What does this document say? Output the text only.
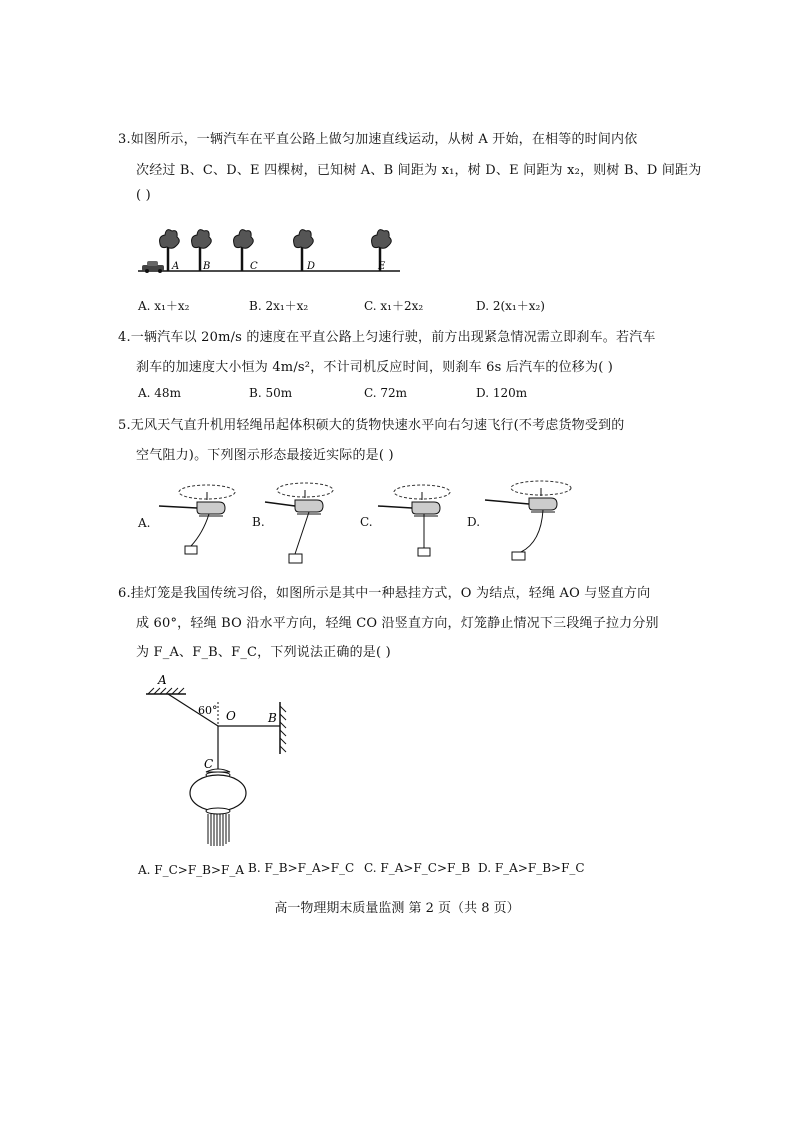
3.如图所示，一辆汽车在平直公路上做匀加速直线运动，从树 A 开始，在相等的时间内依
次经过 B、C、D、E 四棵树，已知树 A、B 间距为 x₁，树 D、E 间距为 x₂，则树 B、D 间距为
( )
A B	C	D	E
A. x₁＋x₂	B. 2x₁＋x₂	C. x₁＋2x₂	D. 2(x₁＋x₂)
4.一辆汽车以 20m/s 的速度在平直公路上匀速行驶，前方出现紧急情况需立即刹车。若汽车
刹车的加速度大小恒为 4m/s²，不计司机反应时间，则刹车 6s 后汽车的位移为( )
A. 48m	B. 50m	C. 72m	D. 120m
5.无风天气直升机用轻绳吊起体积硕大的货物快速水平向右匀速飞行(不考虑货物受到的
空气阻力)。下列图示形态最接近实际的是( )
A.	B.	C.	D.
6.挂灯笼是我国传统习俗，如图所示是其中一种悬挂方式，O 为结点，轻绳 AO 与竖直方向
成 60°，轻绳 BO 沿水平方向，轻绳 CO 沿竖直方向，灯笼静止情况下三段绳子拉力分别
为 F_A、F_B、F_C，下列说法正确的是( )
A
60° O	B
C
A. F_C>F_B>F_A B. F_B>F_A>F_C C. F_A>F_C>F_B D. F_A>F_B>F_C
高一物理期末质量监测 第 2 页（共 8 页）
